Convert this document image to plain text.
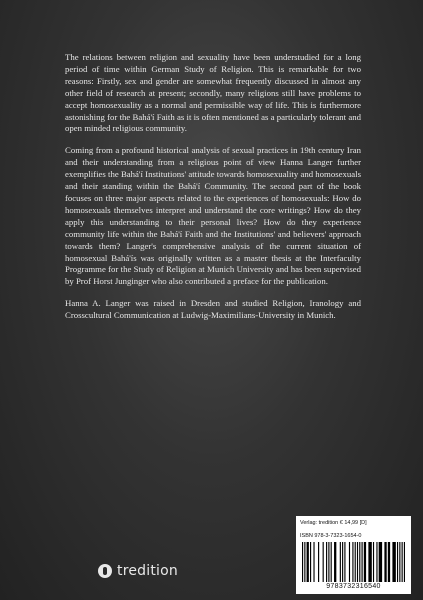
The relations between religion and sexuality have been understudied for a long period of time within German Study of Religion. This is remarkable for two reasons: Firstly, sex and gender are somewhat frequently discussed in almost any other field of research at present; secondly, many religions still have problems to accept homosexuality as a normal and permissible way of life. This is furthermore astonishing for the Bahá'í Faith as it is often mentioned as a particularly tolerant and open minded religious community.

Coming from a profound historical analysis of sexual practices in 19th century Iran and their understanding from a religious point of view Hanna Langer further exemplifies the Bahá'í Institutions' attitude towards homosexuality and homosexuals and their standing within the Bahá'í Community. The second part of the book focuses on three major aspects related to the experiences of homosexuals: How do homosexuals themselves interpret and understand the core writings? How do they apply this understanding to their personal lives? How do they experience community life within the Bahá'í Faith and the Institutions' and believers' approach towards them? Langer's comprehensive analysis of the current situation of homosexual Bahá'ís was originally written as a master thesis at the Interfaculty Programme for the Study of Religion at Munich University and has been supervised by Prof Horst Junginger who also contributed a preface for the publication.

Hanna A. Langer was raised in Dresden and studied Religion, Iranology and Crosscultural Communication at Ludwig-Maximilians-University in Munich.

Verlag: tredition € 14,99 [D]
ISBN 978-3-7323-1654-0
9783732316540
tredition
